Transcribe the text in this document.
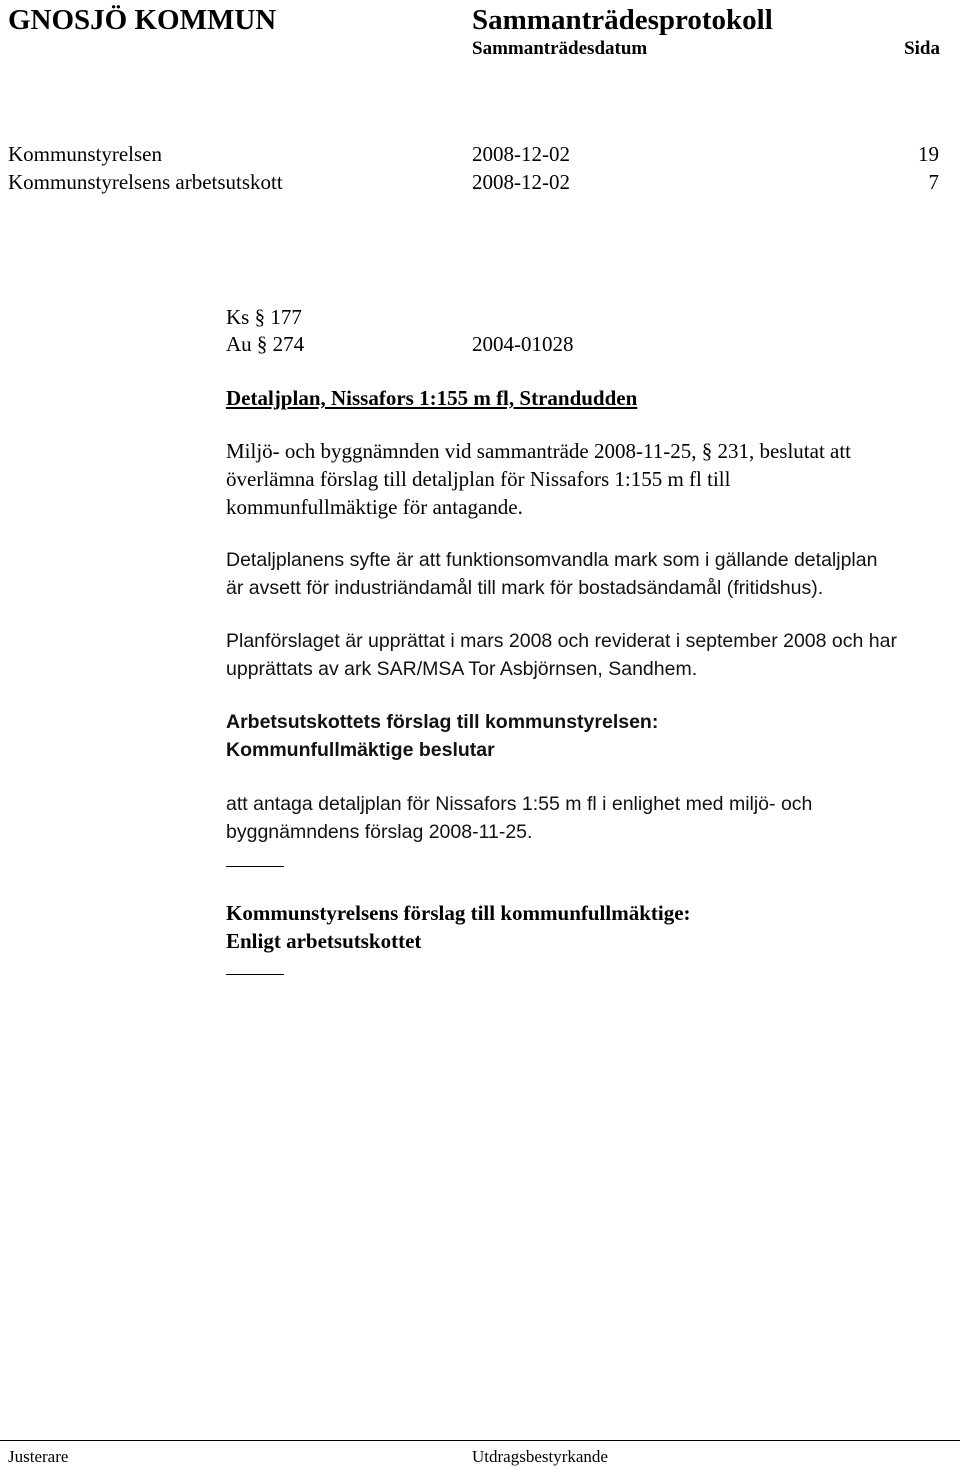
GNOSJÖ KOMMUN	Sammanträdesprotokoll
Sammanträdesdatum	Sida
Kommunstyrelsen	2008-12-02	19
Kommunstyrelsens arbetsutskott	2008-12-02	7
Ks § 177
Au § 274	2004-01028
Detaljplan, Nissafors 1:155 m fl, Strandudden
Miljö- och byggnämnden vid sammanträde 2008-11-25, § 231, beslutat att
överlämna förslag till detaljplan för Nissafors 1:155 m fl till
kommunfullmäktige för antagande.
Detaljplanens syfte är att funktionsomvandla mark som i gällande detaljplan
är avsett för industriändamål till mark för bostadsändamål (fritidshus).
Planförslaget är upprättat i mars 2008 och reviderat i september 2008 och har
upprättats av ark SAR/MSA Tor Asbjörnsen, Sandhem.
Arbetsutskottets förslag till kommunstyrelsen:
Kommunfullmäktige beslutar
att antaga detaljplan för Nissafors 1:55 m fl i enlighet med miljö- och
byggnämndens förslag 2008-11-25.
Kommunstyrelsens förslag till kommunfullmäktige:
Enligt arbetsutskottet
Justerare	Utdragsbestyrkande
